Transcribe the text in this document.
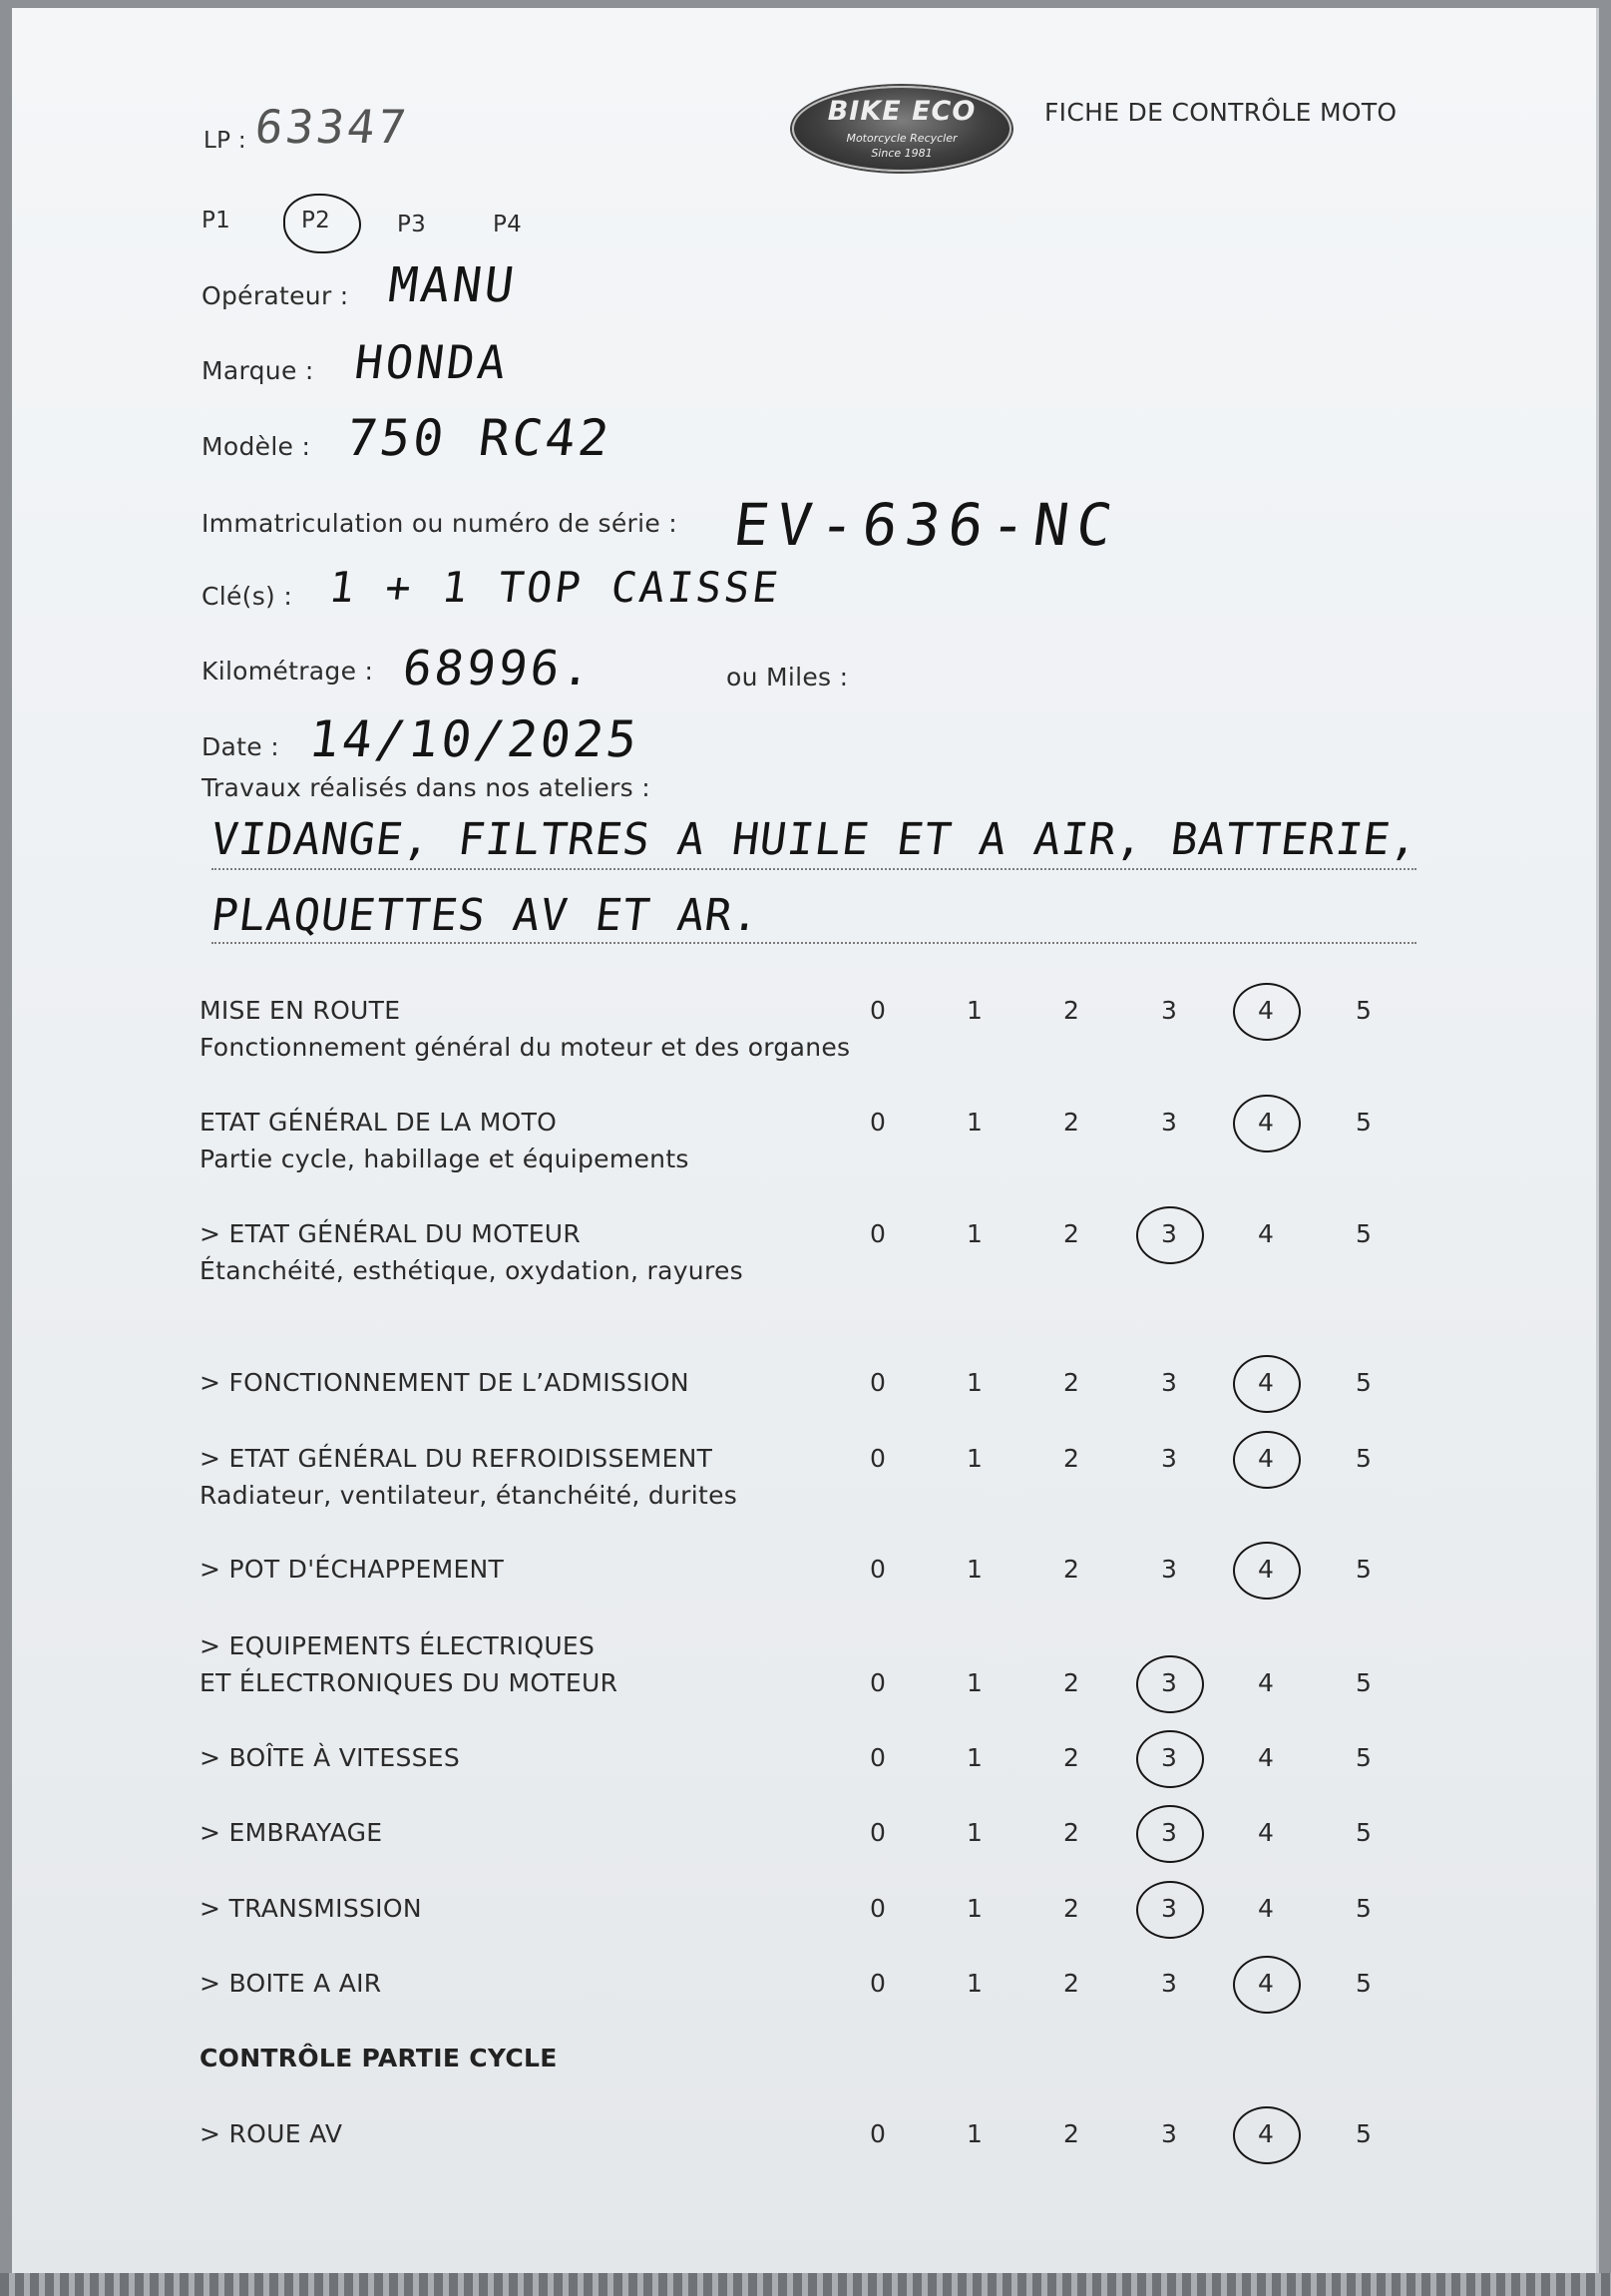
LP : 63347	BIKE ECO
Motorcycle Recycler
Since 1981
FICHE DE CONTRÔLE MOTO
P1	P2	P3	P4
Opérateur : MANU
Marque : HONDA
Modèle : 750 RC42
Immatriculation ou numéro de série : EV-636-NC
Clé(s) : 1 + 1 TOP CAISSE
Kilométrage : 68996.	ou Miles :
Date : 14/10/2025
Travaux réalisés dans nos ateliers :
VIDANGE, FILTRES A HUILE ET A AIR, BATTERIE,
PLAQUETTES AV ET AR.
MISE EN ROUTE
Fonctionnement général du moteur et des organes
0	1	2	3	4	5
ETAT GÉNÉRAL DE LA MOTO
Partie cycle, habillage et équipements
0	1	2	3	4	5
> ETAT GÉNÉRAL DU MOTEUR
Étanchéité, esthétique, oxydation, rayures
0	1	2	3	4	5
> FONCTIONNEMENT DE L’ADMISSION	0	1	2	3	4	5
> ETAT GÉNÉRAL DU REFROIDISSEMENT
Radiateur, ventilateur, étanchéité, durites
0	1	2	3	4	5
> POT D'ÉCHAPPEMENT	0	1	2	3	4	5
> EQUIPEMENTS ÉLECTRIQUES
ET ÉLECTRONIQUES DU MOTEUR	0	1	2	3	4	5
> BOÎTE À VITESSES	0	1	2	3	4	5
> EMBRAYAGE	0	1	2	3	4	5
> TRANSMISSION	0	1	2	3	4	5
> BOITE A AIR	0	1	2	3	4	5
CONTRÔLE PARTIE CYCLE
> ROUE AV	0	1	2	3	4	5
